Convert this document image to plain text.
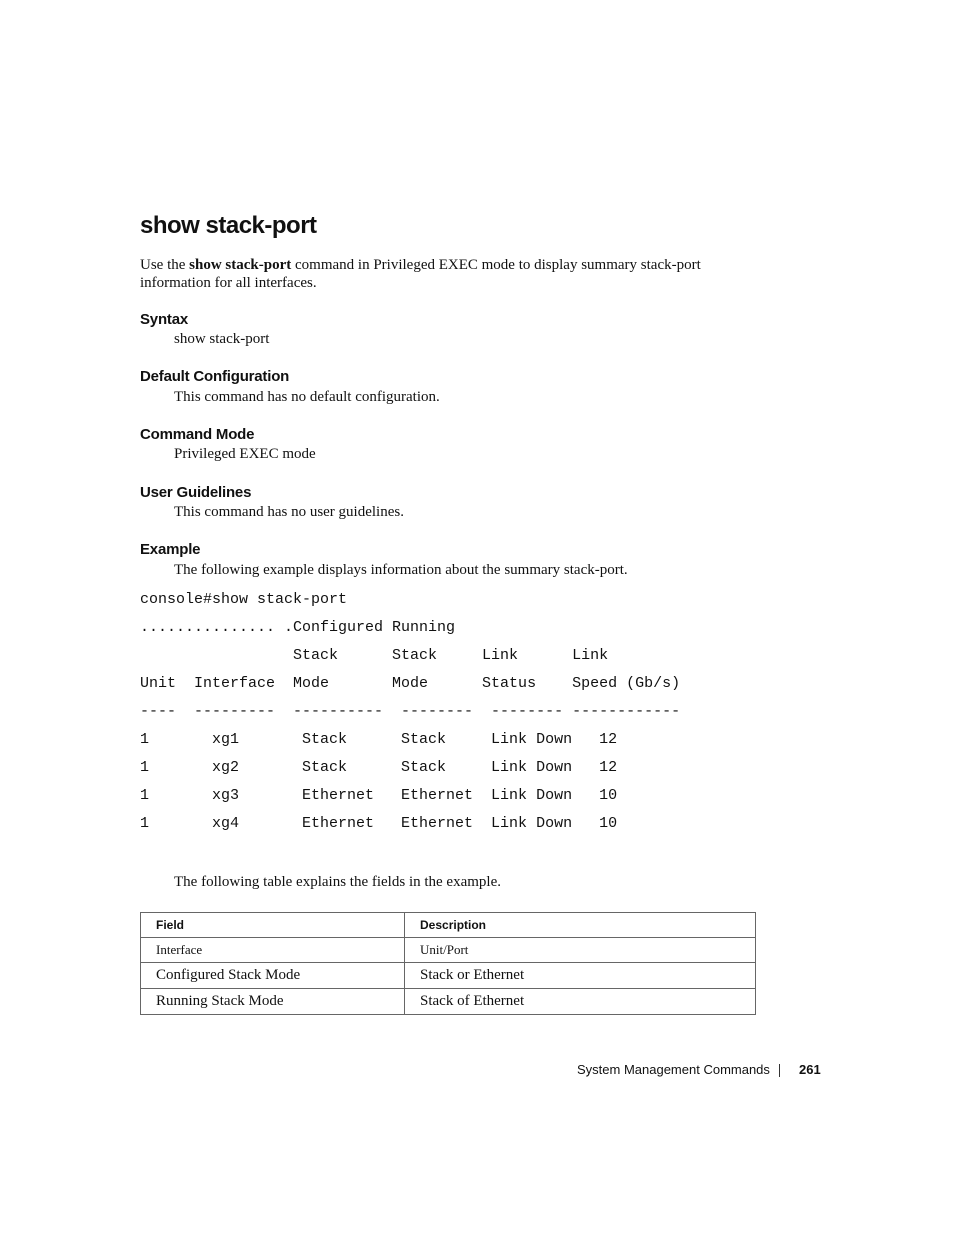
show stack-port
Use the show stack-port command in Privileged EXEC mode to display summary stack-port
information for all interfaces.
Syntax
show stack-port
Default Configuration
This command has no default configuration.
Command Mode
Privileged EXEC mode
User Guidelines
This command has no user guidelines.
Example
The following example displays information about the summary stack-port.
console#show stack-port
............... .Configured Running
Stack      Stack     Link      Link
Unit  Interface  Mode       Mode      Status    Speed (Gb/s)
----  ---------  ----------  --------  -------- ------------
1       xg1       Stack      Stack     Link Down   12
1       xg2       Stack      Stack     Link Down   12
1       xg3       Ethernet   Ethernet  Link Down   10
1       xg4       Ethernet   Ethernet  Link Down   10
The following table explains the fields in the example.
Field	Description
Interface	Unit/Port
Configured Stack Mode	Stack or Ethernet
Running Stack Mode	Stack of Ethernet
System Management Commands 261
